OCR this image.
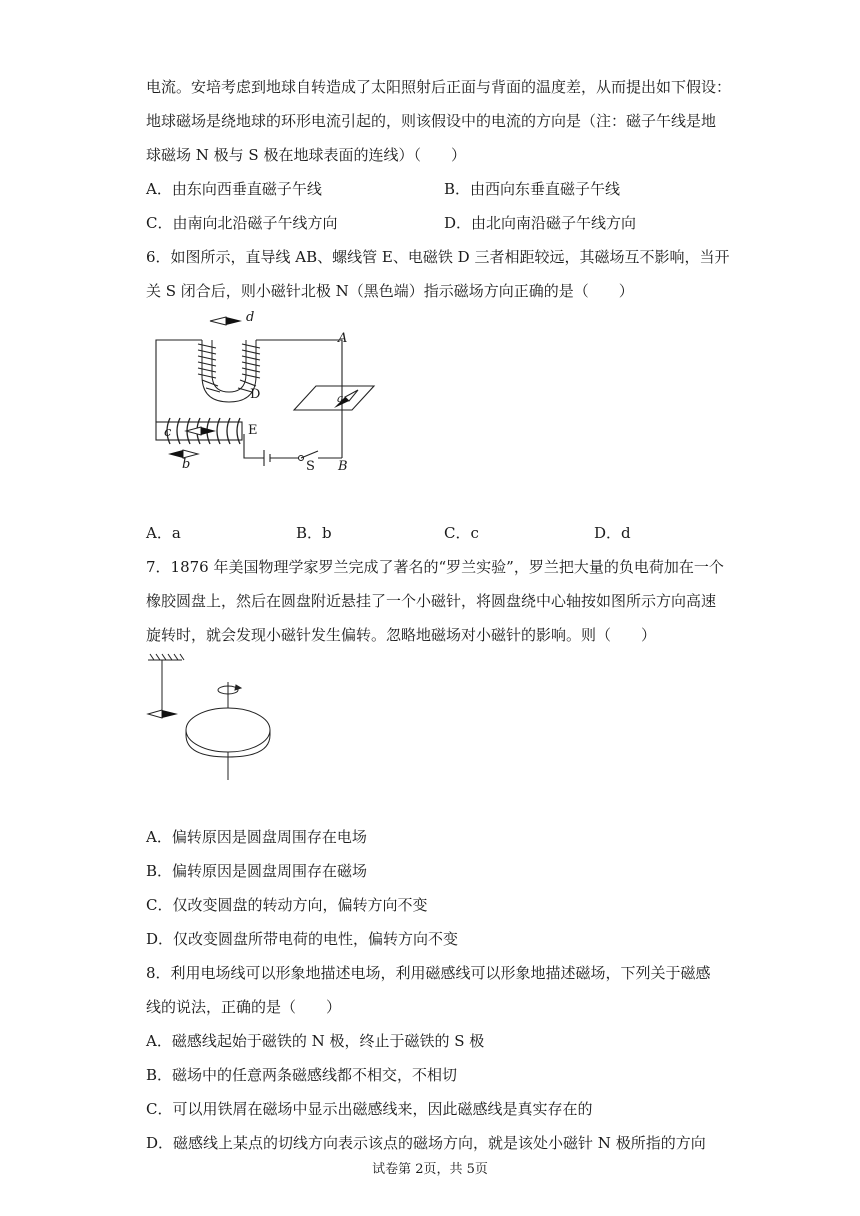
电流。安培考虑到地球自转造成了太阳照射后正面与背面的温度差，从而提出如下假设：
地球磁场是绕地球的环形电流引起的，则该假设中的电流的方向是（注：磁子午线是地
球磁场 N 极与 S 极在地球表面的连线）（　　）
A．由东向西垂直磁子午线	B．由西向东垂直磁子午线
C．由南向北沿磁子午线方向	D．由北向南沿磁子午线方向
6．如图所示，直导线 AB、螺线管 E、电磁铁 D 三者相距较远，其磁场互不影响，当开
关 S 闭合后，则小磁针北极 N（黑色端）指示磁场方向正确的是（　　）
d
A
D	a
c	E
b	S B
A．a	B．b	C．c	D．d
7．1876 年美国物理学家罗兰完成了著名的“罗兰实验”，罗兰把大量的负电荷加在一个
橡胶圆盘上，然后在圆盘附近悬挂了一个小磁针，将圆盘绕中心轴按如图所示方向高速
旋转时，就会发现小磁针发生偏转。忽略地磁场对小磁针的影响。则（　　）
A．偏转原因是圆盘周围存在电场
B．偏转原因是圆盘周围存在磁场
C．仅改变圆盘的转动方向，偏转方向不变
D．仅改变圆盘所带电荷的电性，偏转方向不变
8．利用电场线可以形象地描述电场，利用磁感线可以形象地描述磁场，下列关于磁感
线的说法，正确的是（　　）
A．磁感线起始于磁铁的 N 极，终止于磁铁的 S 极
B．磁场中的任意两条磁感线都不相交，不相切
C．可以用铁屑在磁场中显示出磁感线来，因此磁感线是真实存在的
D．磁感线上某点的切线方向表示该点的磁场方向，就是该处小磁针 N 极所指的方向
试卷第 2页，共 5页
